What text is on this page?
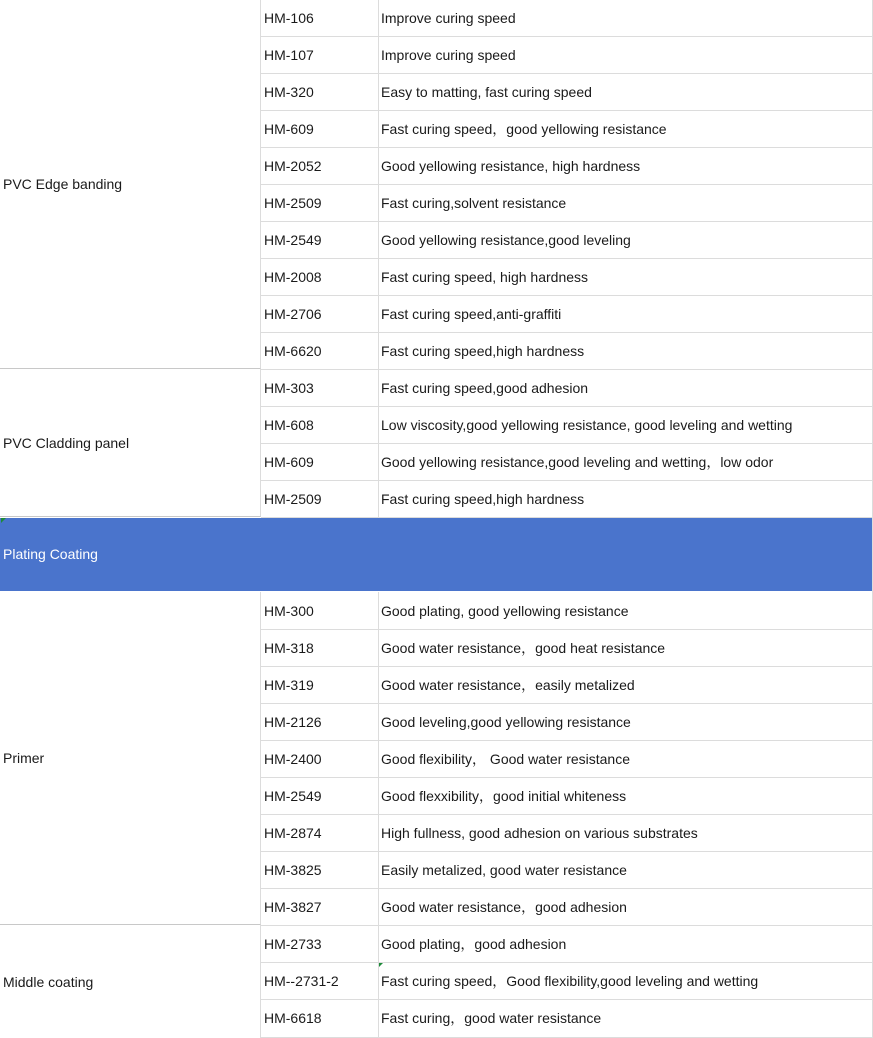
PVC Edge banding
HM-106	Improve curing speed
HM-107	Improve curing speed
HM-320	Easy to matting, fast curing speed
HM-609	Fast curing speed，good yellowing resistance
HM-2052	Good yellowing resistance, high hardness
HM-2509	Fast curing,solvent resistance
HM-2549	Good yellowing resistance,good leveling
HM-2008	Fast curing speed, high hardness
HM-2706	Fast curing speed,anti-graffiti
HM-6620	Fast curing speed,high hardness
PVC Cladding panel
HM-303	Fast curing speed,good adhesion
HM-608	Low viscosity,good yellowing resistance, good leveling and wetting
HM-609	Good yellowing resistance,good leveling and wetting，low odor
HM-2509	Fast curing speed,high hardness
Plating Coating
Primer
HM-300	Good plating, good yellowing resistance
HM-318	Good water resistance，good heat resistance
HM-319	Good water resistance，easily metalized
HM-2126	Good leveling,good yellowing resistance
HM-2400	Good flexibility， Good water resistance
HM-2549	Good flexxibility，good initial whiteness
HM-2874	High fullness, good adhesion on various substrates
HM-3825	Easily metalized, good water resistance
HM-3827	Good water resistance，good adhesion
Middle coating
HM-2733	Good plating，good adhesion
HM--2731-2	Fast curing speed，Good flexibility,good leveling and wetting
HM-6618	Fast curing，good water resistance
